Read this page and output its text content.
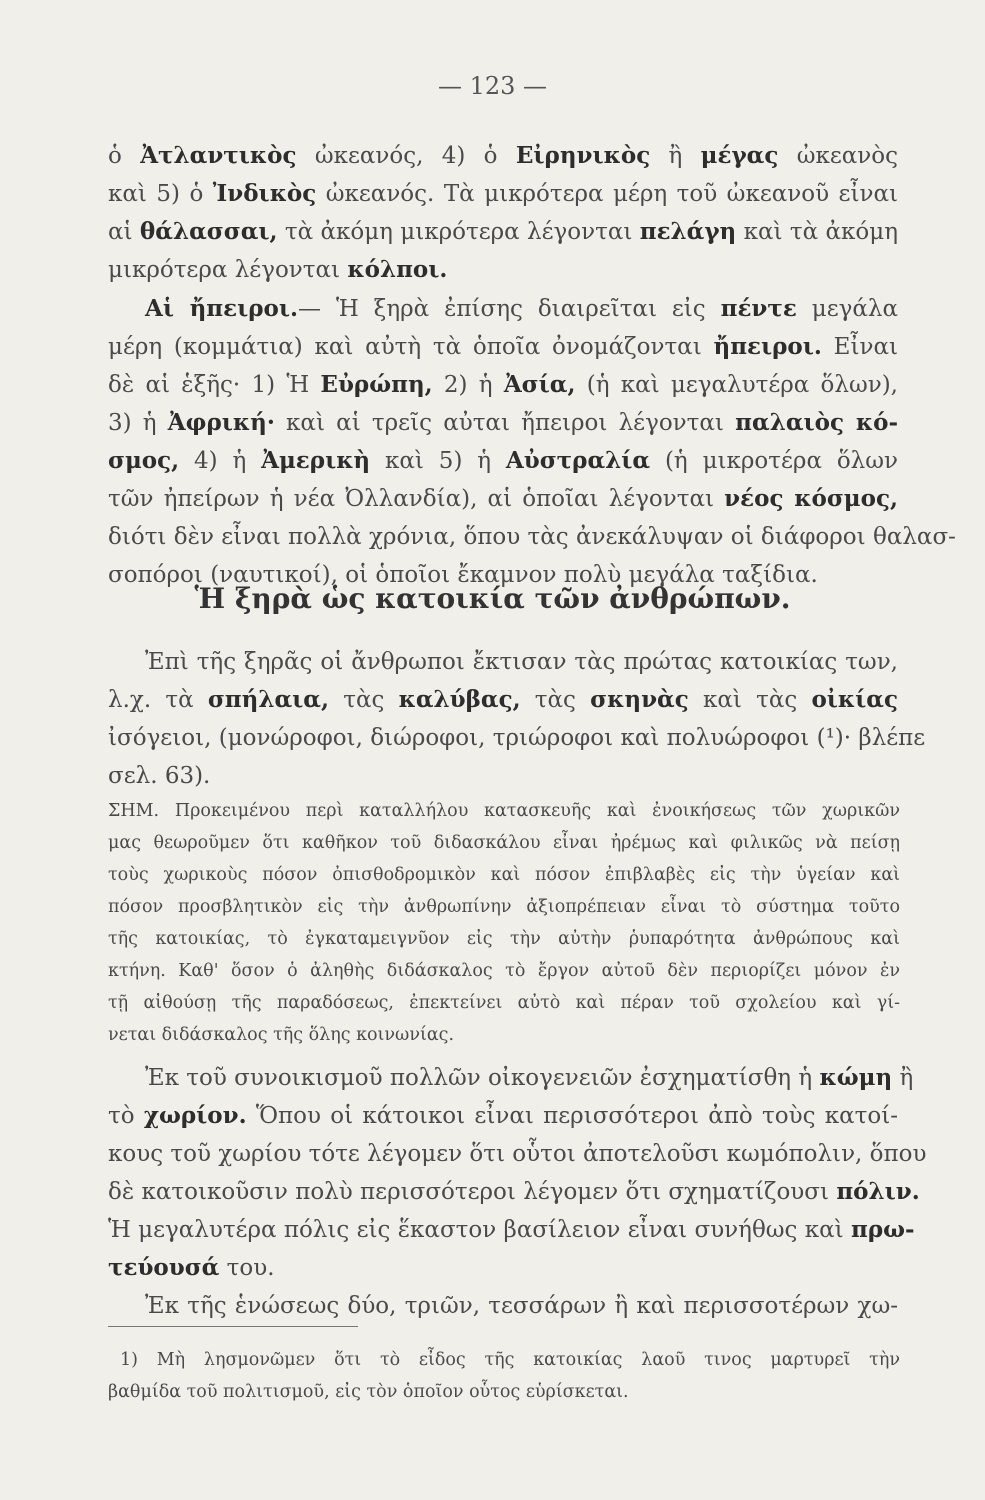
— 123 —
ὁ Ἀτλαντικὸς ὠκεανός, 4) ὁ Εἰρηνικὸς ἢ μέγας ὠκεανὸς
καὶ 5) ὁ Ἰνδικὸς ὠκεανός. Τὰ μικρότερα μέρη τοῦ ὠκεανοῦ εἶναι
αἱ θάλασσαι, τὰ ἀκόμη μικρότερα λέγονται πελάγη καὶ τὰ ἀκόμη
μικρότερα λέγονται κόλποι.
Αἱ ἤπειροι.— Ἡ ξηρὰ ἐπίσης διαιρεῖται εἰς πέντε μεγάλα
μέρη (κομμάτια) καὶ αὐτὴ τὰ ὁποῖα ὀνομάζονται ἤπειροι. Εἶναι
δὲ αἱ ἑξῆς· 1) Ἡ Εὐρώπη, 2) ἡ Ἀσία, (ἡ καὶ μεγαλυτέρα ὅλων),
3) ἡ Ἀφρική· καὶ αἱ τρεῖς αὐται ἤπειροι λέγονται παλαιὸς κό-
σμος, 4) ἡ Ἀμερικὴ καὶ 5) ἡ Αὐστραλία (ἡ μικροτέρα ὅλων
τῶν ἠπείρων ἡ νέα Ὀλλανδία), αἱ ὁποῖαι λέγονται νέος κόσμος,
διότι δὲν εἶναι πολλὰ χρόνια, ὅπου τὰς ἀνεκάλυψαν οἱ διάφοροι θαλασ-
σοπόροι (ναυτικοί), οἱ ὁποῖοι ἔκαμνον πολὺ μεγάλα ταξίδια.
Ἡ ξηρὰ ὡς κατοικία τῶν ἀνθρώπων.
Ἐπὶ τῆς ξηρᾶς οἱ ἄνθρωποι ἔκτισαν τὰς πρώτας κατοικίας των,
λ.χ. τὰ σπήλαια, τὰς καλύβας, τὰς σκηνὰς καὶ τὰς οἰκίας
ἰσόγειοι, (μονώροφοι, διώροφοι, τριώροφοι καὶ πολυώροφοι (¹)· βλέπε
σελ. 63).
ΣΗΜ. Προκειμένου περὶ καταλλήλου κατασκευῆς καὶ ἐνοικήσεως τῶν χωρικῶν
μας θεωροῦμεν ὅτι καθῆκον τοῦ διδασκάλου εἶναι ἠρέμως καὶ φιλικῶς νὰ πείσῃ
τοὺς χωρικοὺς πόσον ὀπισθοδρομικὸν καὶ πόσον ἐπιβλαβὲς εἰς τὴν ὑγείαν καὶ
πόσον προσβλητικὸν εἰς τὴν ἀνθρωπίνην ἀξιοπρέπειαν εἶναι τὸ σύστημα τοῦτο
τῆς κατοικίας, τὸ ἐγκαταμειγνῦον εἰς τὴν αὐτὴν ῥυπαρότητα ἀνθρώπους καὶ
κτήνη. Καθ' ὅσον ὁ ἀληθὴς διδάσκαλος τὸ ἔργον αὐτοῦ δὲν περιορίζει μόνον ἐν
τῇ αἰθούσῃ τῆς παραδόσεως, ἐπεκτείνει αὐτὸ καὶ πέραν τοῦ σχολείου καὶ γί-
νεται διδάσκαλος τῆς ὅλης κοινωνίας.
Ἐκ τοῦ συνοικισμοῦ πολλῶν οἰκογενειῶν ἐσχηματίσθη ἡ κώμη ἢ
τὸ χωρίον. Ὅπου οἱ κάτοικοι εἶναι περισσότεροι ἀπὸ τοὺς κατοί-
κους τοῦ χωρίου τότε λέγομεν ὅτι οὗτοι ἀποτελοῦσι κωμόπολιν, ὅπου
δὲ κατοικοῦσιν πολὺ περισσότεροι λέγομεν ὅτι σχηματίζουσι πόλιν.
Ἡ μεγαλυτέρα πόλις εἰς ἕκαστον βασίλειον εἶναι συνήθως καὶ πρω-
τεύουσά του.
Ἐκ τῆς ἑνώσεως δύο, τριῶν, τεσσάρων ἢ καὶ περισσοτέρων χω-
1) Μὴ λησμονῶμεν ὅτι τὸ εἶδος τῆς κατοικίας λαοῦ τινος μαρτυρεῖ τὴν
βαθμίδα τοῦ πολιτισμοῦ, εἰς τὸν ὁποῖον οὗτος εὑρίσκεται.
